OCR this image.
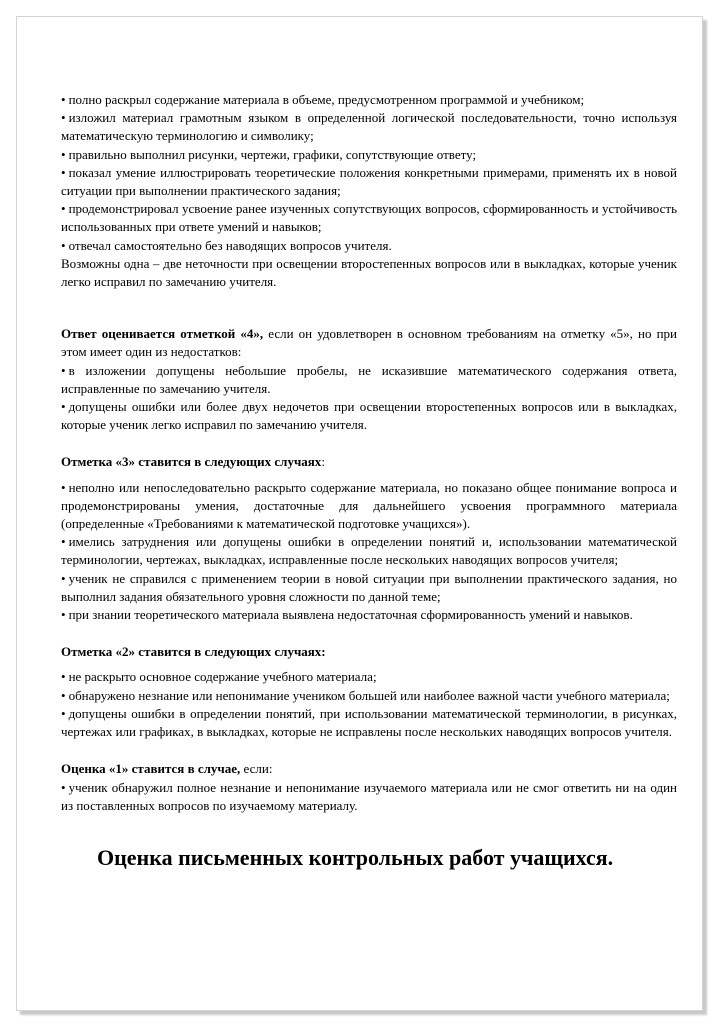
• полно раскрыл содержание материала в объеме, предусмотренном программой и учебником;

• изложил материал грамотным языком в определенной логической последовательности, точно используя математическую терминологию и символику;

• правильно выполнил рисунки, чертежи, графики, сопутствующие ответу;

• показал умение иллюстрировать теоретические положения конкретными примерами, применять их в новой ситуации при выполнении практического задания;

• продемонстрировал усвоение ранее изученных сопутствующих вопросов, сформированность и устойчивость использованных при ответе умений и навыков;

• отвечал самостоятельно без наводящих вопросов учителя.

Возможны одна – две неточности при освещении второстепенных вопросов или в выкладках, которые ученик легко исправил по замечанию учителя.

Ответ оценивается отметкой «4», если он удовлетворен в основном требованиям на отметку «5», но при этом имеет один из недостатков:

• в изложении допущены небольшие пробелы, не исказившие математического содержания ответа, исправленные по замечанию учителя.

• допущены ошибки или более двух недочетов при освещении второстепенных вопросов или в выкладках, которые ученик легко исправил по замечанию учителя.

Отметка «3» ставится в следующих случаях:

• неполно или непоследовательно раскрыто содержание материала, но показано общее понимание вопроса и продемонстрированы умения, достаточные для дальнейшего усвоения программного материала (определенные «Требованиями к математической подготовке учащихся»).

• имелись затруднения или допущены ошибки в определении понятий и, использовании математической терминологии, чертежах, выкладках, исправленные после нескольких наводящих вопросов учителя;

• ученик не справился с применением теории в новой ситуации при выполнении практического задания, но выполнил задания обязательного уровня сложности по данной теме;

• при знании теоретического материала выявлена недостаточная сформированность умений и навыков.

Отметка «2» ставится в следующих случаях:

• не раскрыто основное содержание учебного материала;

• обнаружено незнание или непонимание учеником большей или наиболее важной части учебного материала;

• допущены ошибки в определении понятий, при использовании математической терминологии, в рисунках, чертежах или графиках, в выкладках, которые не исправлены после нескольких наводящих вопросов учителя.

Оценка «1» ставится в случае, если:

• ученик обнаружил полное незнание и непонимание изучаемого материала или не смог ответить ни на один из поставленных вопросов по изучаемому материалу.

Оценка письменных контрольных работ учащихся.
